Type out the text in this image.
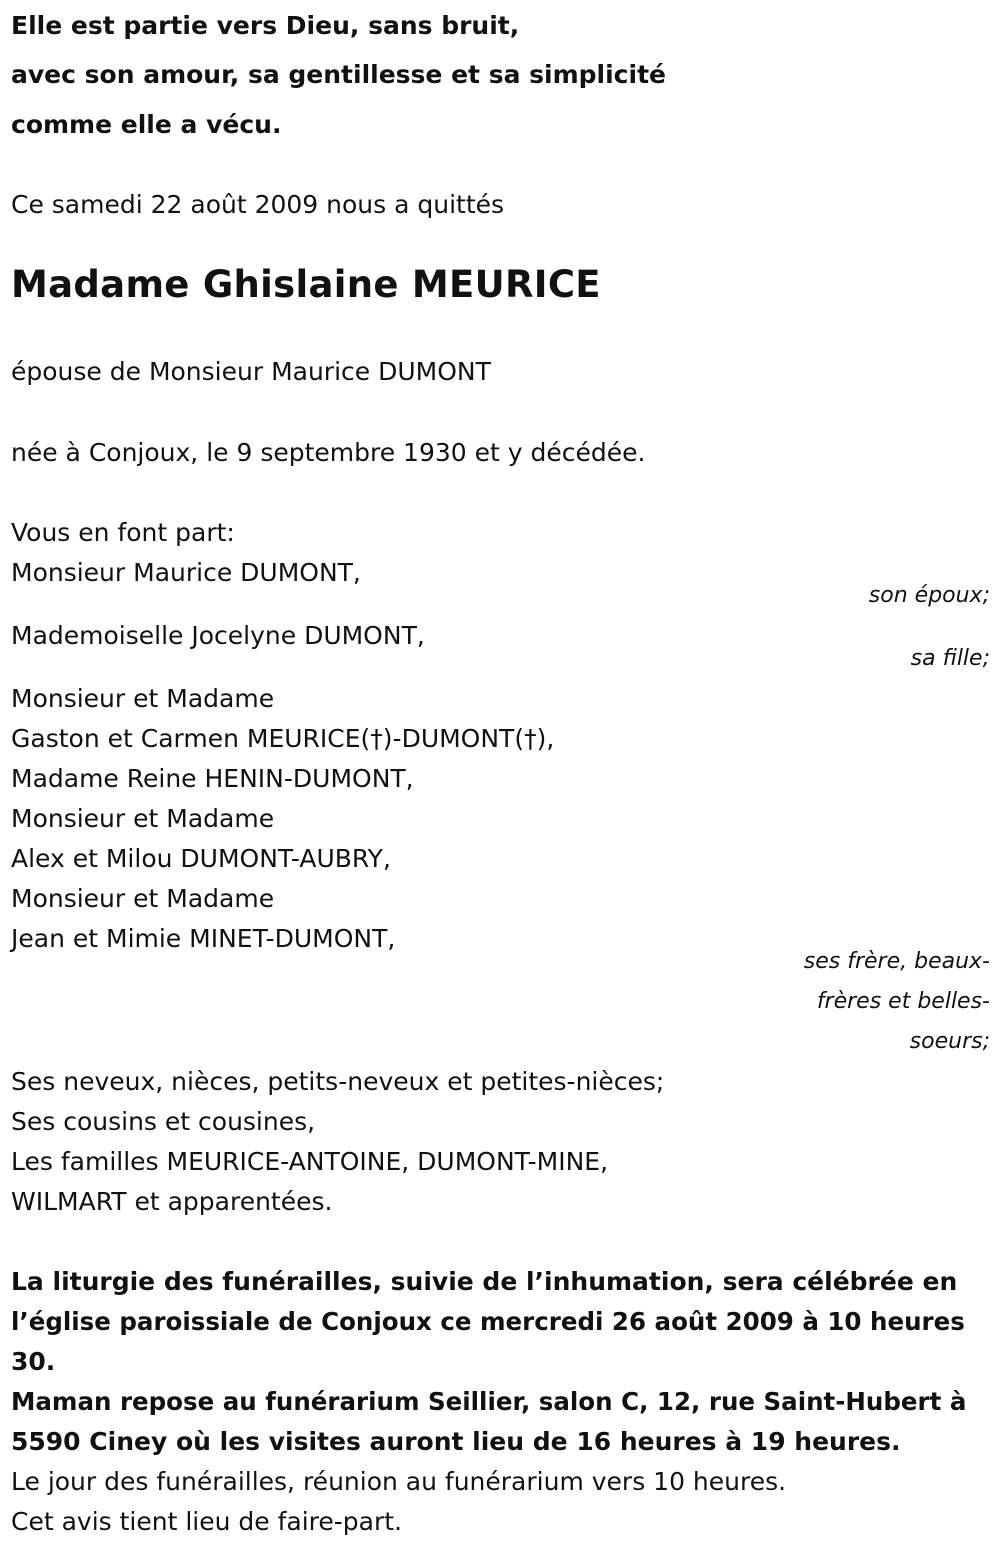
Elle est partie vers Dieu, sans bruit,
avec son amour, sa gentillesse et sa simplicité
comme elle a vécu.
Ce samedi 22 août 2009 nous a quittés
Madame Ghislaine MEURICE
épouse de Monsieur Maurice DUMONT
née à Conjoux, le 9 septembre 1930 et y décédée.
Vous en font part:
Monsieur Maurice DUMONT,
son époux;
Mademoiselle Jocelyne DUMONT,
sa fille;
Monsieur et Madame
Gaston et Carmen MEURICE(†)-DUMONT(†),
Madame Reine HENIN-DUMONT,
Monsieur et Madame
Alex et Milou DUMONT-AUBRY,
Monsieur et Madame
Jean et Mimie MINET-DUMONT,
ses frère, beaux-
frères et belles-
soeurs;
Ses neveux, nièces, petits-neveux et petites-nièces;
Ses cousins et cousines,
Les familles MEURICE-ANTOINE, DUMONT-MINE,
WILMART et apparentées.
La liturgie des funérailles, suivie de l’inhumation, sera célébrée en
l’église paroissiale de Conjoux ce mercredi 26 août 2009 à 10 heures
30.
Maman repose au funérarium Seillier, salon C, 12, rue Saint-Hubert à
5590 Ciney où les visites auront lieu de 16 heures à 19 heures.
Le jour des funérailles, réunion au funérarium vers 10 heures.
Cet avis tient lieu de faire-part.
